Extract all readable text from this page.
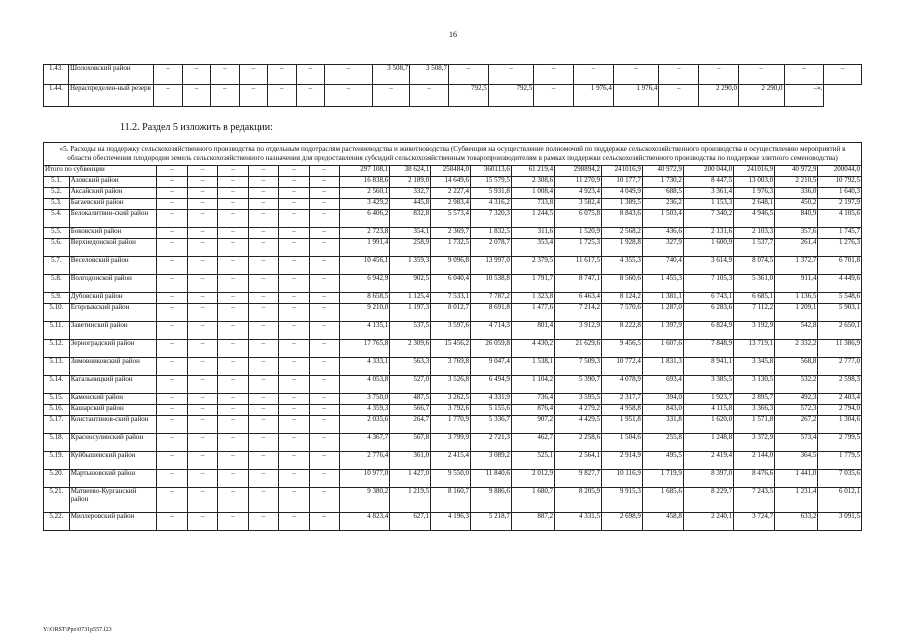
16
1.43.	Шолоховский район	–	–	–	–	–	–	–	3 508,7	3 508,7	–	–	–	–	–	–	–	–	–	–
1.44.	Нераспределен-ный резерв	–	–	–	–	–	–	–	–	–	792,5	792,5	–	1 976,4	1 976,4	–	2 290,0	2 290,0	–».	
11.2. Раздел 5 изложить в редакции:
«5. Расходы на поддержку сельскохозяйственного производства по отдельным подотраслям растениеводства и животноводства (Субвенция на осуществление полномочий по поддержке сельскохозяйственного производства и осуществлению мероприятий в области обеспечения плодородия земель сельскохозяйственного назначения для предоставления субсидий сельскохозяйственным товаропроизводителям в рамках поддержки сельскохозяйственного производства по поддержке элитного семеноводства)																			
Итого по субвенции		–	–	–	–	–	–	297 108,1	38 624,1	258484,0	360113,6	61 219,4	298894,2	241016,9	40 972,9	200 044,0	241016,9	40 972,9	200044,0
5.1.	Азовский район	–	–	–	–	–	–	16 838,6	2 189,0	14 649,6	15 579,5	2 308,6	11 270,9	10 177,7	1 730,2	8 447,5	13 003,0	2 210,5	10 792,5
5.2.	Аксайский район	–	–	–	–	–	–	2 560,1	332,7	2 227,4	5 931,8	1 008,4	4 923,4	4 049,9	688,5	3 361,4	1 976,3	336,0	1 640,3
5.3.	Багаевский район	–	–	–	–	–	–	3 429,2	445,8	2 983,4	4 316,2	733,8	3 582,4	1 389,5	236,2	1 153,3	2 648,1	450,2	2 197,9
5.4.	Белокалитвин-ский район	–	–	–	–	–	–	6 406,2	832,8	5 573,4	7 320,3	1 244,5	6 075,8	8 843,6	1 503,4	7 340,2	4 946,5	840,9	4 105,6
5.5.	Боковский район	–	–	–	–	–	–	2 723,8	354,1	2 369,7	1 832,5	311,6	1 520,9	2 568,2	436,6	2 131,6	2 103,3	357,6	1 745,7
5.6.	Верхнедонской район	–	–	–	–	–	–	1 991,4	258,9	1 732,5	2 078,7	353,4	1 725,3	1 928,8	327,9	1 600,9	1 537,7	261,4	1 276,3
5.7.	Веселовский район	–	–	–	–	–	–	10 456,1	1 359,3	9 096,8	13 997,0	2 379,5	11 617,5	4 355,3	740,4	3 614,9	8 074,5	1 372,7	6 701,8
5.8.	Волгодонской район	–	–	–	–	–	–	6 942,9	902,5	6 040,4	10 538,8	1 791,7	8 747,1	8 560,6	1 455,3	7 105,3	5 361,0	911,4	4 449,6
5.9.	Дубовский район	–	–	–	–	–	–	8 658,5	1 125,4	7 533,1	7 787,2	1 323,8	6 463,4	8 124,2	1 381,1	6 743,1	6 685,1	1 136,5	5 548,6
5.10.	Егорлыкский район	–	–	–	–	–	–	9 210,0	1 197,3	8 012,7	8 691,8	1 477,6	7 214,2	7 570,6	1 287,0	6 283,6	7 112,2	1 209,1	5 903,1
5.11.	Заветинский район	–	–	–	–	–	–	4 135,1	537,5	3 597,6	4 714,3	801,4	3 912,9	8 222,8	1 397,9	6 824,9	3 192,9	542,8	2 650,1
5.12.	Зерноградский район	–	–	–	–	–	–	17 765,8	2 309,6	15 456,2	26 059,8	4 430,2	21 629,6	9 456,5	1 607,6	7 848,9	13 719,1	2 332,2	11 386,9
5.13.	Зимовниковский район	–	–	–	–	–	–	4 333,1	563,3	3 769,8	9 047,4	1 538,1	7 509,3	10 772,4	1 831,3	8 941,1	3 345,8	568,8	2 777,0
5.14.	Кагальницкий район	–	–	–	–	–	–	4 053,8	527,0	3 526,8	6 494,9	1 104,2	5 390,7	4 078,9	693,4	3 385,5	3 130,5	532,2	2 598,3
5.15.	Каменский район	–	–	–	–	–	–	3 750,0	487,5	3 262,5	4 331,9	736,4	3 595,5	2 317,7	394,0	1 923,7	2 895,7	492,3	2 403,4
5.16.	Кашарский район	–	–	–	–	–	–	4 359,3	566,7	3 792,6	5 155,6	876,4	4 279,2	4 958,8	843,0	4 115,8	3 366,3	572,3	2 794,0
5.17.	Константинов-ский район	–	–	–	–	–	–	2 035,6	264,7	1 770,9	5 336,7	907,2	4 429,5	1 951,8	331,8	1 620,0	1 571,8	267,2	1 304,6
5.18.	Красносулинский район	–	–	–	–	–	–	4 367,7	567,8	3 799,9	2 721,3	462,7	2 258,6	1 504,6	255,8	1 248,8	3 372,9	573,4	2 799,5
5.19.	Куйбышевский район	–	–	–	–	–	–	2 776,4	361,0	2 415,4	3 089,2	525,1	2 564,1	2 914,9	495,5	2 419,4	2 144,0	364,5	1 779,5
5.20.	Мартыновский район	–	–	–	–	–	–	10 977,0	1 427,0	9 550,0	11 840,6	2 012,9	9 827,7	10 116,9	1 719,9	8 397,0	8 476,6	1 441,0	7 035,6
5.21.	Матвеево-Курганский район	–	–	–	–	–	–	9 380,2	1 219,5	8 160,7	9 886,6	1 680,7	8 205,9	9 915,3	1 685,6	8 229,7	7 243,5	1 231,4	6 012,1
5.22.	Миллеровский район	–	–	–	–	–	–	4 823,4	627,1	4 196,3	5 218,7	887,2	4 331,5	2 698,9	458,8	2 240,1	3 724,7	633,2	3 091,5
Y:\ORST\Ppo\0731p557.f23
